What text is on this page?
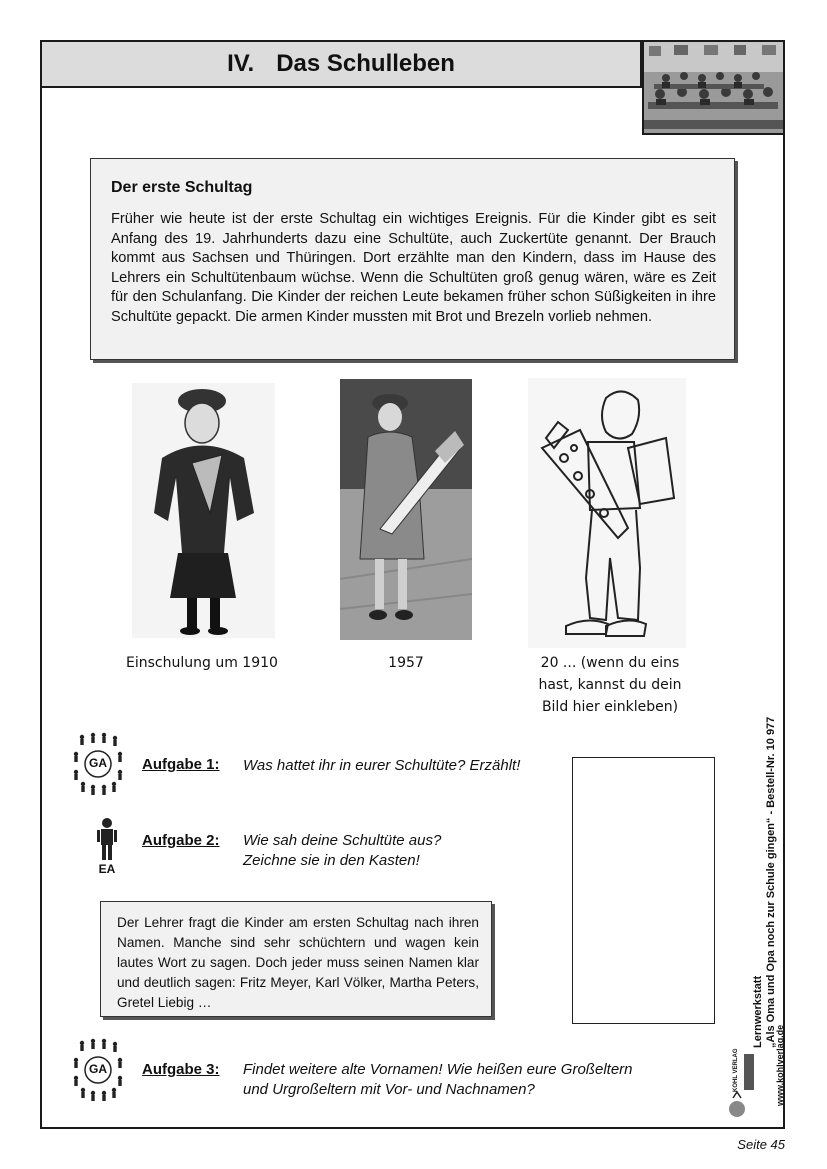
IV. Das Schulleben
Der erste Schultag

Früher wie heute ist der erste Schultag ein wichtiges Ereignis. Für die Kinder gibt es seit Anfang des 19. Jahrhunderts dazu eine Schultüte, auch Zuckertüte genannt. Der Brauch kommt aus Sachsen und Thüringen. Dort erzählte man den Kindern, dass im Hause des Lehrers ein Schultütenbaum wüchse. Wenn die Schultüten groß genug wären, wäre es Zeit für den Schulanfang. Die Kinder der reichen Leute bekamen früher schon Süßigkeiten in ihre Schultüte gepackt. Die armen Kinder mussten mit Brot und Brezeln vorlieb nehmen.

Einschulung um 1910	1957	20 ... (wenn du eins hast, kannst du dein Bild hier einkleben)
GA	Aufgabe 1: Was hattet ihr in eurer Schultüte? Erzählt!
EA
Aufgabe 2: Wie sah deine Schultüte aus?
Zeichne sie in den Kasten!
Der Lehrer fragt die Kinder am ersten Schultag nach ihren Namen. Manche sind sehr schüchtern und wagen kein lautes Wort zu sagen. Doch jeder muss seinen Namen klar und deutlich sagen: Fritz Meyer, Karl Völker, Martha Peters, Gretel Liebig …
GA	Aufgabe 3: Findet weitere alte Vornamen! Wie heißen eure Großeltern
und Urgroßeltern mit Vor- und Nachnamen?
Lernwerkstatt „Als Oma und Opa noch zur Schule gingen“ - Bestell-Nr. 10 977
www.kohlverlag.de
KOHL VERLAG
Seite 45
